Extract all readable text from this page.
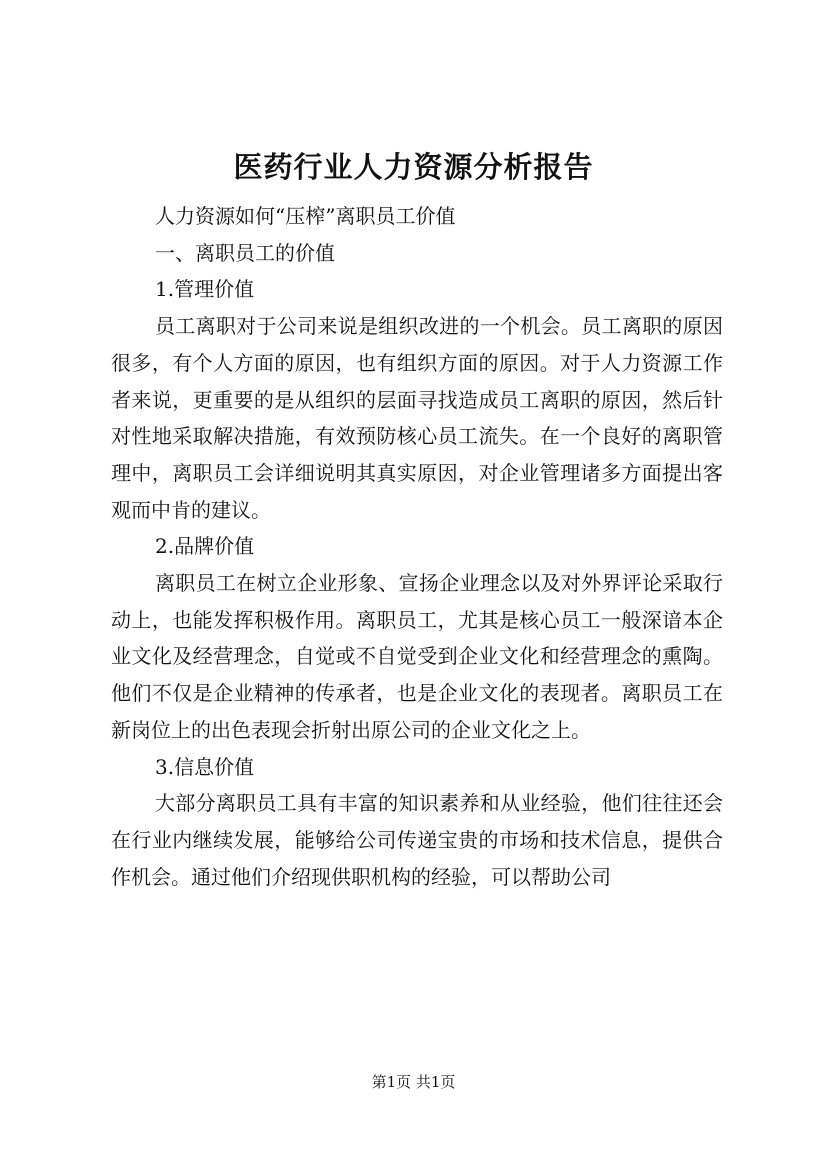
医药行业人力资源分析报告

人力资源如何“压榨”离职员工价值

一、离职员工的价值

1.管理价值

员工离职对于公司来说是组织改进的一个机会。员工离职的原因很多，有个人方面的原因，也有组织方面的原因。对于人力资源工作者来说，更重要的是从组织的层面寻找造成员工离职的原因，然后针对性地采取解决措施，有效预防核心员工流失。在一个良好的离职管理中，离职员工会详细说明其真实原因，对企业管理诸多方面提出客观而中肯的建议。

2.品牌价值

离职员工在树立企业形象、宣扬企业理念以及对外界评论采取行动上，也能发挥积极作用。离职员工，尤其是核心员工一般深谙本企业文化及经营理念，自觉或不自觉受到企业文化和经营理念的熏陶。他们不仅是企业精神的传承者，也是企业文化的表现者。离职员工在新岗位上的出色表现会折射出原公司的企业文化之上。

3.信息价值

大部分离职员工具有丰富的知识素养和从业经验，他们往往还会在行业内继续发展，能够给公司传递宝贵的市场和技术信息，提供合作机会。通过他们介绍现供职机构的经验，可以帮助公司

第1页 共1页
